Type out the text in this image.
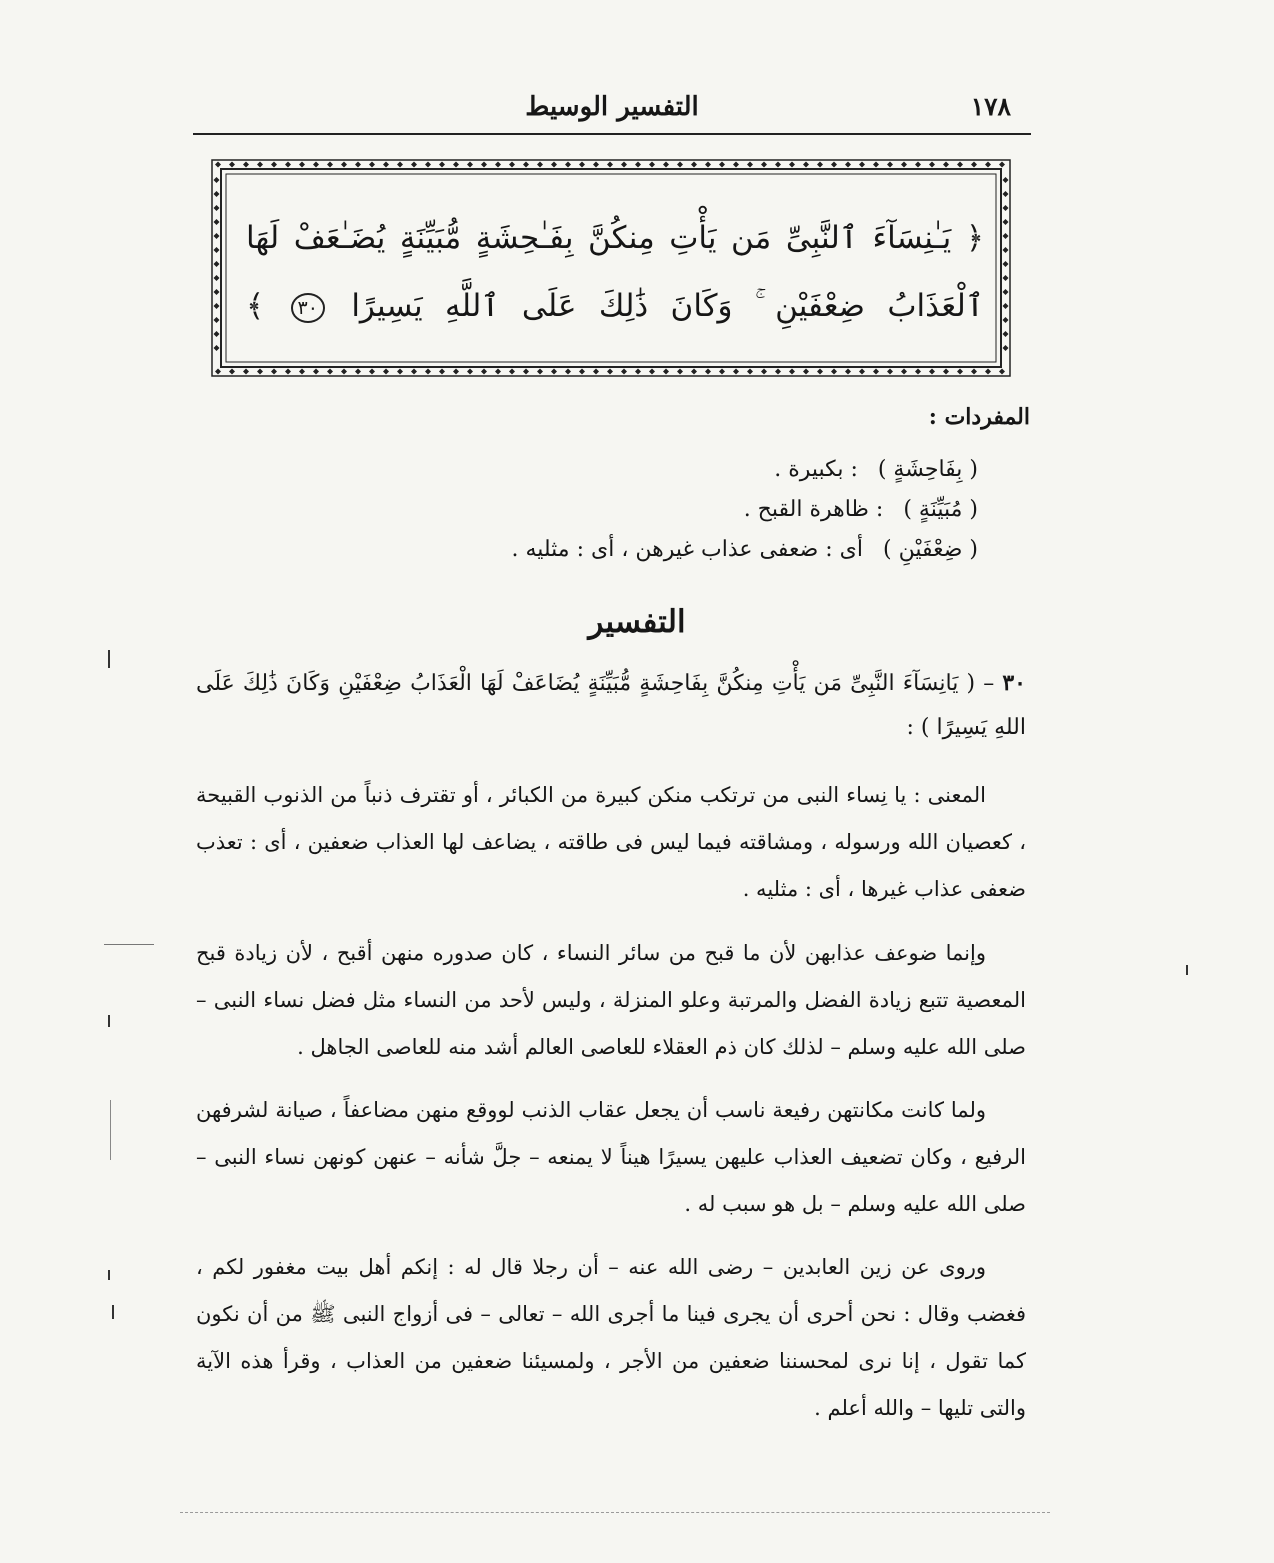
١٧٨
التفسير الوسيط
﴿ يَـٰنِسَآءَ ٱلنَّبِىِّ مَن يَأْتِ مِنكُنَّ بِفَـٰحِشَةٍ مُّبَيِّنَةٍ يُضَـٰعَفْ لَهَا ٱلْعَذَابُ ضِعْفَيْنِ ۚ وَكَانَ ذَٰلِكَ عَلَى ٱللَّهِ يَسِيرًا ٣٠ ﴾
المفردات :
( بِفَاحِشَةٍ ): بكبيرة .
( مُبَيِّنَةٍ ): ظاهرة القبح .
( ضِعْفَيْنِ )أى : ضعفى عذاب غيرهن ، أى : مثليه .
التفسير
٣٠ – ( يَانِسَآءَ النَّبِىِّ مَن يَأْتِ مِنكُنَّ بِفَاحِشَةٍ مُّبَيِّنَةٍ يُضَاعَفْ لَهَا الْعَذَابُ ضِعْفَيْنِ وَكَانَ ذَٰلِكَ عَلَى اللهِ يَسِيرًا ) :

المعنى : يا نِساء النبى من ترتكب منكن كبيرة من الكبائر ، أو تقترف ذنباً من الذنوب القبيحة ، كعصيان الله ورسوله ، ومشاقته فيما ليس فى طاقته ، يضاعف لها العذاب ضعفين ، أى : تعذب ضعفى عذاب غيرها ، أى : مثليه .

وإنما ضوعف عذابهن لأن ما قبح من سائر النساء ، كان صدوره منهن أقبح ، لأن زيادة قبح المعصية تتبع زيادة الفضل والمرتبة وعلو المنزلة ، وليس لأحد من النساء مثل فضل نساء النبى – صلى الله عليه وسلم – لذلك كان ذم العقلاء للعاصى العالم أشد منه للعاصى الجاهل .

ولما كانت مكانتهن رفيعة ناسب أن يجعل عقاب الذنب لووقع منهن مضاعفاً ، صيانة لشرفهن الرفيع ، وكان تضعيف العذاب عليهن يسيرًا هيناً لا يمنعه – جلَّ شأنه – عنهن كونهن نساء النبى – صلى الله عليه وسلم – بل هو سبب له .

وروى عن زين العابدين – رضى الله عنه – أن رجلا قال له : إنكم أهل بيت مغفور لكم ، فغضب وقال : نحن أحرى أن يجرى فينا ما أجرى الله – تعالى – فى أزواج النبى ﷺ من أن نكون كما تقول ، إنا نرى لمحسننا ضعفين من الأجر ، ولمسيئنا ضعفين من العذاب ، وقرأ هذه الآية والتى تليها – والله أعلم .
